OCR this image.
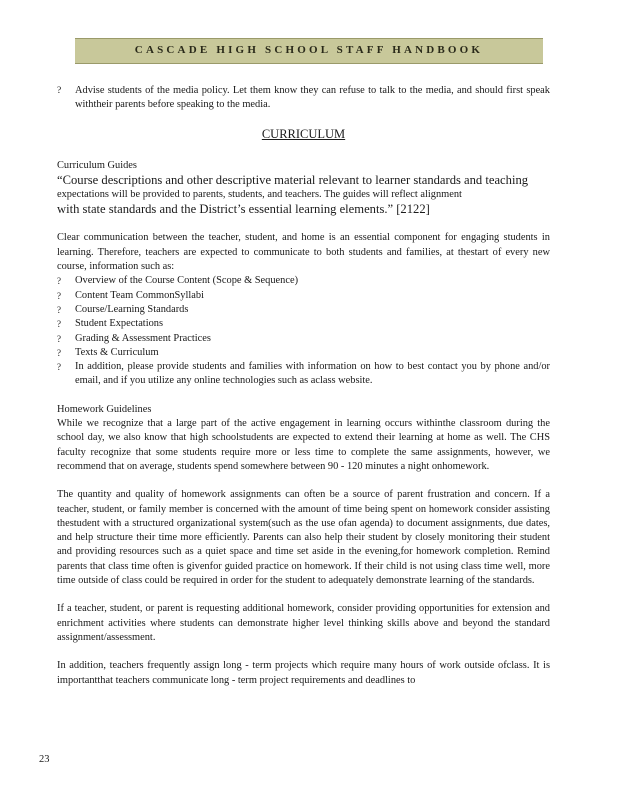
CASCADE HIGH SCHOOL STAFF HANDBOOK
?	Advise students of the media policy. Let them know they can refuse to talk to the media, and should first speak withtheir parents before speaking to the media.
CURRICULUM
Curriculum Guides

“Course descriptions and other descriptive material relevant to learner standards and teaching

expectations will be provided to parents, students, and teachers. The guides will reflect alignment

with state standards and the District’s essential learning elements.” [2122]

Clear communication between the teacher, student, and home is an essential component for engaging students in learning. Therefore, teachers are expected to communicate to both students and families, at thestart of every new course, information such as:

?	Overview of the Course Content (Scope & Sequence)
?	Content Team CommonSyllabi
?	Course/Learning Standards
?	Student Expectations
?	Grading & Assessment Practices
?	Texts & Curriculum
?	In addition, please provide students and families with information on how to best contact you by phone and/or email, and if you utilize any online technologies such as aclass website.
Homework Guidelines

While we recognize that a large part of the active engagement in learning occurs withinthe classroom during the school day, we also know that high schoolstudents are expected to extend their learning at home as well. The CHS faculty recognize that some students require more or less time to complete the same assignments, however, we recommend that on average, students spend somewhere between 90 - 120 minutes a night onhomework.

The quantity and quality of homework assignments can often be a source of parent frustration and concern. If a teacher, student, or family member is concerned with the amount of time being spent on homework consider assisting thestudent with a structured organizational system(such as the use ofan agenda) to document assignments, due dates, and help structure their time more efficiently. Parents can also help their student by closely monitoring their student and providing resources such as a quiet space and time set aside in the evening,for homework completion. Remind parents that class time often is givenfor guided practice on homework. If their child is not using class time well, more time outside of class could be required in order for the student to adequately demonstrate learning of the standards.

If a teacher, student, or parent is requesting additional homework, consider providing opportunities for extension and enrichment activities where students can demonstrate higher level thinking skills above and beyond the standard assignment/assessment.

In addition, teachers frequently assign long - term projects which require many hours of work outside ofclass. It is importantthat teachers communicate long - term project requirements and deadlines to

23
